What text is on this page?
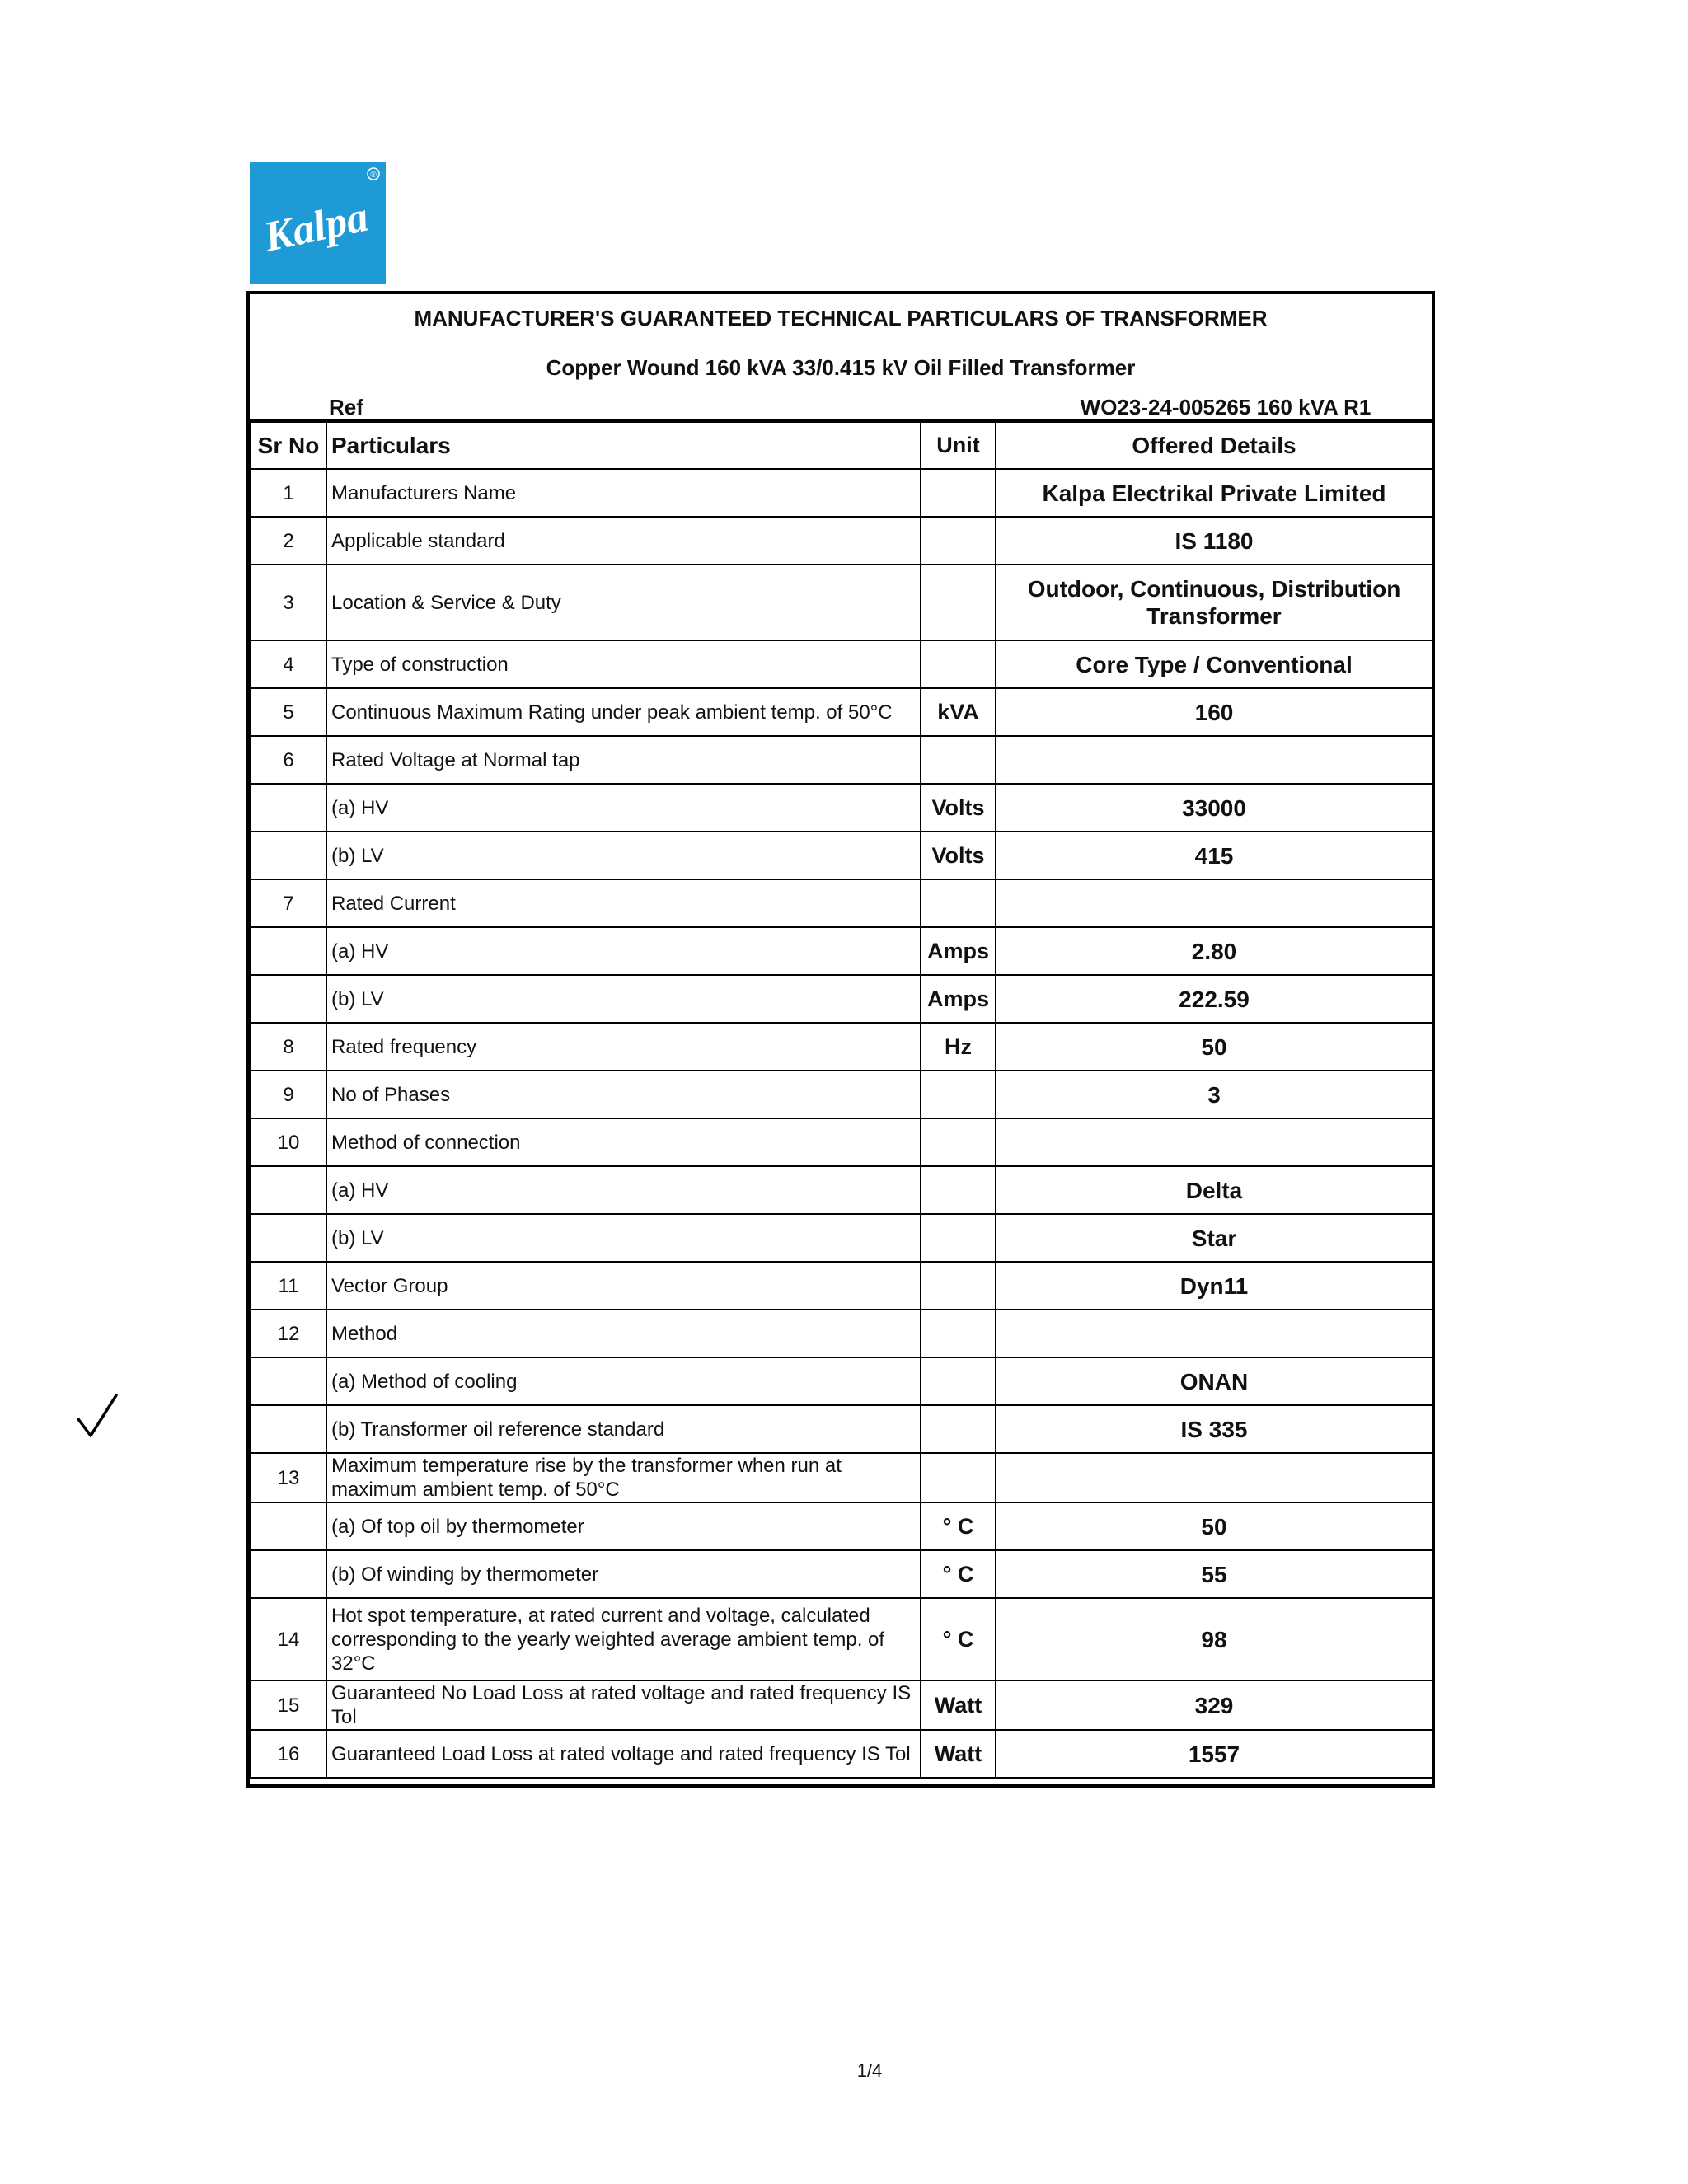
®
Kalpa
MANUFACTURER'S GUARANTEED TECHNICAL PARTICULARS OF TRANSFORMER
Copper Wound 160 kVA 33/0.415 kV Oil Filled Transformer
Ref	WO23-24-005265 160 kVA R1
Sr No	Particulars	Unit	Offered Details
1	Manufacturers Name		Kalpa Electrikal Private Limited
2	Applicable standard		IS 1180
3	Location & Service & Duty		Outdoor, Continuous, Distribution Transformer
4	Type of construction		Core Type / Conventional
5	Continuous Maximum Rating under peak ambient temp. of 50°C	kVA	160
6	Rated Voltage at Normal tap		
	(a) HV	Volts	33000
	(b) LV	Volts	415
7	Rated Current		
	(a) HV	Amps	2.80
	(b) LV	Amps	222.59
8	Rated frequency	Hz	50
9	No of Phases		3
10	Method of connection		
	(a) HV		Delta
	(b) LV		Star
11	Vector Group		Dyn11
12	Method		
	(a) Method of cooling		ONAN
	(b) Transformer oil reference standard		IS 335
13	Maximum temperature rise by the transformer when run at maximum ambient temp. of 50°C		
	(a) Of top oil by thermometer	° C	50
	(b) Of winding by thermometer	° C	55
14	Hot spot temperature, at rated current and voltage, calculated corresponding to the yearly weighted average ambient temp. of 32°C	° C	98
15	Guaranteed No Load Loss at rated voltage and rated frequency IS Tol	Watt	329
16	Guaranteed Load Loss at rated voltage and rated frequency IS Tol	Watt	1557
1/4
